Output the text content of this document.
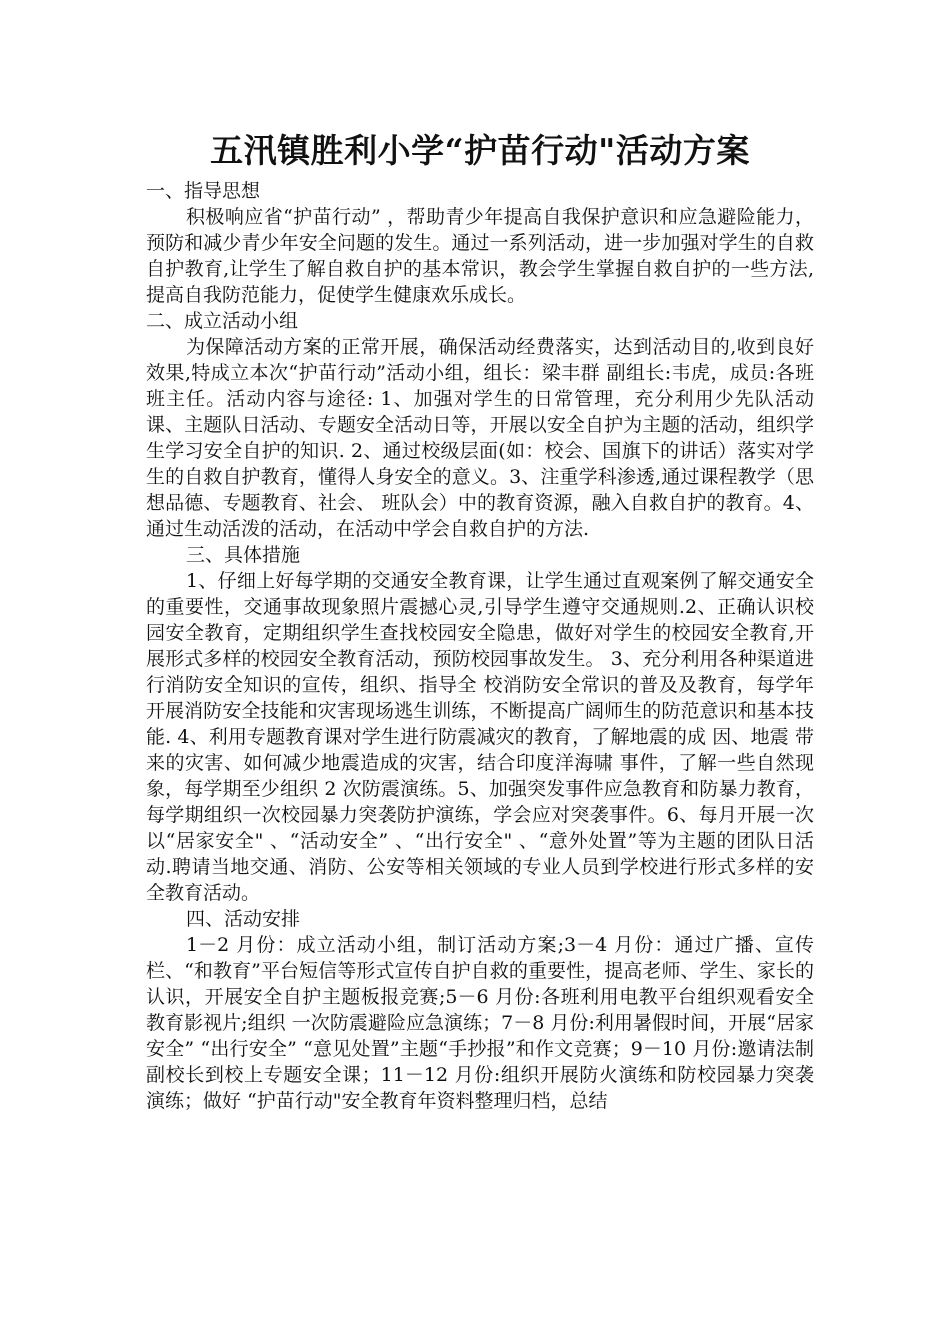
五汛镇胜利小学“护苗行动"活动方案

一、指导思想

积极响应省“护苗行动” ，帮助青少年提高自我保护意识和应急避险能力，预防和减少青少年安全问题的发生。通过一系列活动，进一步加强对学生的自救自护教育,让学生了解自救自护的基本常识，教会学生掌握自救自护的一些方法,提高自我防范能力，促使学生健康欢乐成长。

二、成立活动小组

为保障活动方案的正常开展，确保活动经费落实，达到活动目的,收到良好效果,特成立本次“护苗行动”活动小组，组长：梁丰群 副组长:韦虎，成员:各班班主任。活动内容与途径: 1、加强对学生的日常管理，充分利用少先队活动课、主题队日活动、专题安全活动日等，开展以安全自护为主题的活动，组织学生学习安全自护的知识. 2、通过校级层面(如：校会、国旗下的讲话）落实对学生的自救自护教育，懂得人身安全的意义。3、注重学科渗透,通过课程教学（思想品德、专题教育、社会、 班队会）中的教育资源，融入自救自护的教育。4、通过生动活泼的活动，在活动中学会自救自护的方法.

三、具体措施

1、仔细上好每学期的交通安全教育课，让学生通过直观案例了解交通安全的重要性，交通事故现象照片震撼心灵,引导学生遵守交通规则.2、正确认识校园安全教育，定期组织学生查找校园安全隐患，做好对学生的校园安全教育,开展形式多样的校园安全教育活动，预防校园事故发生。 3、充分利用各种渠道进行消防安全知识的宣传，组织、指导全 校消防安全常识的普及及教育，每学年开展消防安全技能和灾害现场逃生训练，不断提高广阔师生的防范意识和基本技能. 4、利用专题教育课对学生进行防震减灾的教育，了解地震的成 因、地震 带来的灾害、如何减少地震造成的灾害，结合印度洋海啸 事件，了解一些自然现象，每学期至少组织 2 次防震演练。5、加强突发事件应急教育和防暴力教育，每学期组织一次校园暴力突袭防护演练，学会应对突袭事件。6、每月开展一次以“居家安全" 、“活动安全” 、“出行安全" 、“意外处置”等为主题的团队日活动.聘请当地交通、消防、公安等相关领域的专业人员到学校进行形式多样的安全教育活动。

四、活动安排

1－2 月份：成立活动小组，制订活动方案;3－4 月份：通过广播、宣传栏、“和教育”平台短信等形式宣传自护自救的重要性，提高老师、学生、家长的认识，开展安全自护主题板报竞赛;5－6 月份:各班利用电教平台组织观看安全教育影视片;组织 一次防震避险应急演练；7－8 月份:利用暑假时间，开展“居家安全” “出行安全” “意见处置”主题“手抄报”和作文竞赛；9－10 月份:邀请法制副校长到校上专题安全课；11－12 月份:组织开展防火演练和防校园暴力突袭演练；做好 “护苗行动"安全教育年资料整理归档，总结
